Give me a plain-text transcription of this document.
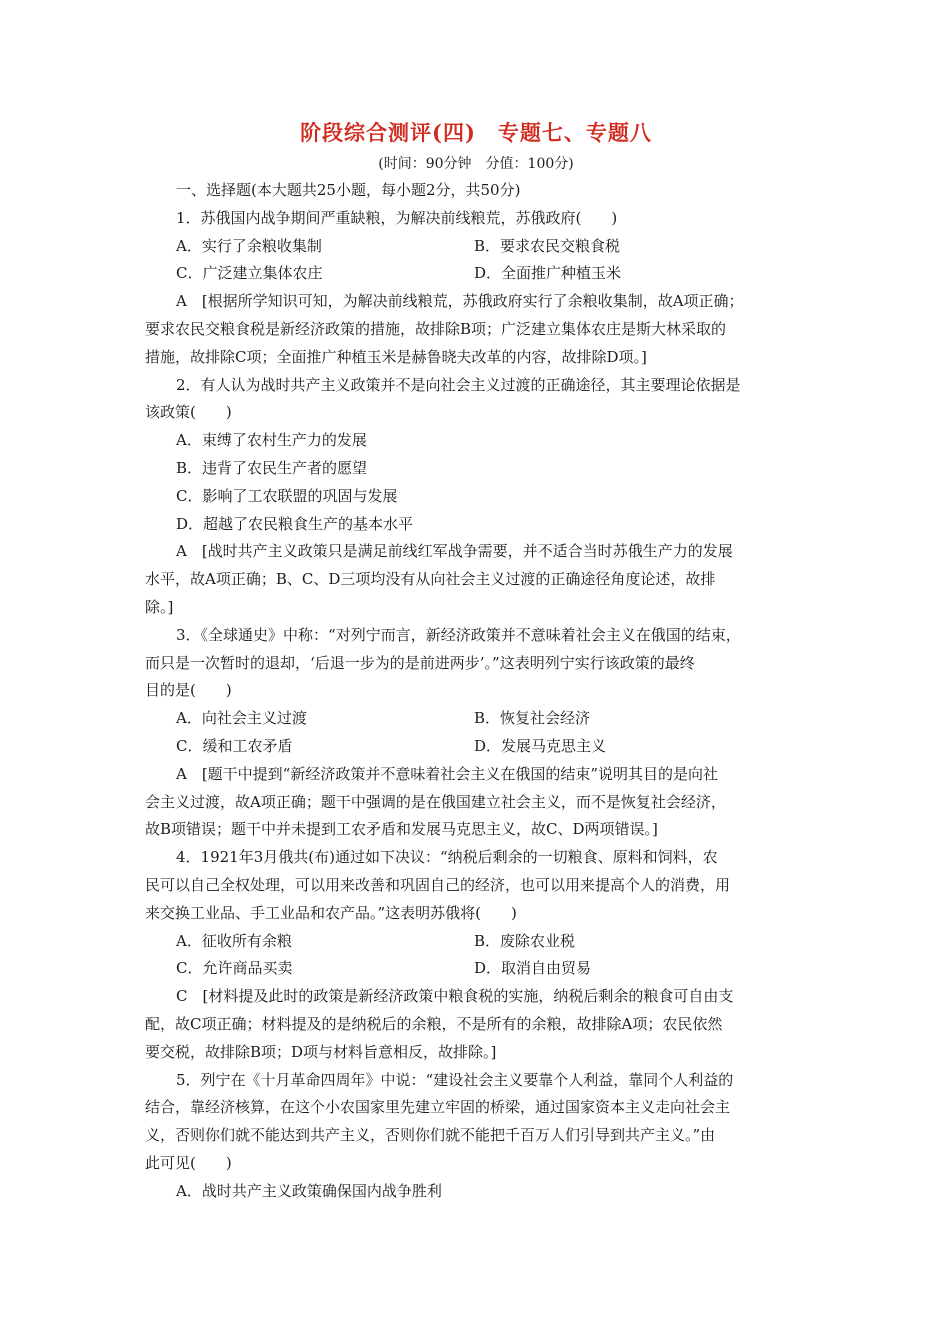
阶段综合测评(四)　专题七、专题八

(时间：90分钟　分值：100分)

一、选择题(本大题共25小题，每小题2分，共50分)

1．苏俄国内战争期间严重缺粮，为解决前线粮荒，苏俄政府(　　)

A．实行了余粮收集制	B．要求农民交粮食税
C．广泛建立集体农庄	D．全面推广种植玉米

A　[根据所学知识可知，为解决前线粮荒，苏俄政府实行了余粮收集制，故A项正确；

要求农民交粮食税是新经济政策的措施，故排除B项；广泛建立集体农庄是斯大林采取的

措施，故排除C项；全面推广种植玉米是赫鲁晓夫改革的内容，故排除D项。]

2．有人认为战时共产主义政策并不是向社会主义过渡的正确途径，其主要理论依据是

该政策(　　)

A．束缚了农村生产力的发展

B．违背了农民生产者的愿望

C．影响了工农联盟的巩固与发展

D．超越了农民粮食生产的基本水平

A　[战时共产主义政策只是满足前线红军战争需要，并不适合当时苏俄生产力的发展

水平，故A项正确；B、C、D三项均没有从向社会主义过渡的正确途径角度论述，故排

除。]

3．《全球通史》中称：“对列宁而言，新经济政策并不意味着社会主义在俄国的结束，

而只是一次暂时的退却，‘后退一步为的是前进两步’。”这表明列宁实行该政策的最终

目的是(　　)

A．向社会主义过渡	B．恢复社会经济
C．缓和工农矛盾	D．发展马克思主义

A　[题干中提到“新经济政策并不意味着社会主义在俄国的结束”说明其目的是向社

会主义过渡，故A项正确；题干中强调的是在俄国建立社会主义，而不是恢复社会经济，

故B项错误；题干中并未提到工农矛盾和发展马克思主义，故C、D两项错误。]

4．1921年3月俄共(布)通过如下决议：“纳税后剩余的一切粮食、原料和饲料，农

民可以自己全权处理，可以用来改善和巩固自己的经济，也可以用来提高个人的消费，用

来交换工业品、手工业品和农产品。”这表明苏俄将(　　)

A．征收所有余粮	B．废除农业税
C．允许商品买卖	D．取消自由贸易

C　[材料提及此时的政策是新经济政策中粮食税的实施，纳税后剩余的粮食可自由支

配，故C项正确；材料提及的是纳税后的余粮，不是所有的余粮，故排除A项；农民依然

要交税，故排除B项；D项与材料旨意相反，故排除。]

5．列宁在《十月革命四周年》中说：“建设社会主义要靠个人利益，靠同个人利益的

结合，靠经济核算，在这个小农国家里先建立牢固的桥梁，通过国家资本主义走向社会主

义，否则你们就不能达到共产主义，否则你们就不能把千百万人们引导到共产主义。”由

此可见(　　)

A．战时共产主义政策确保国内战争胜利
